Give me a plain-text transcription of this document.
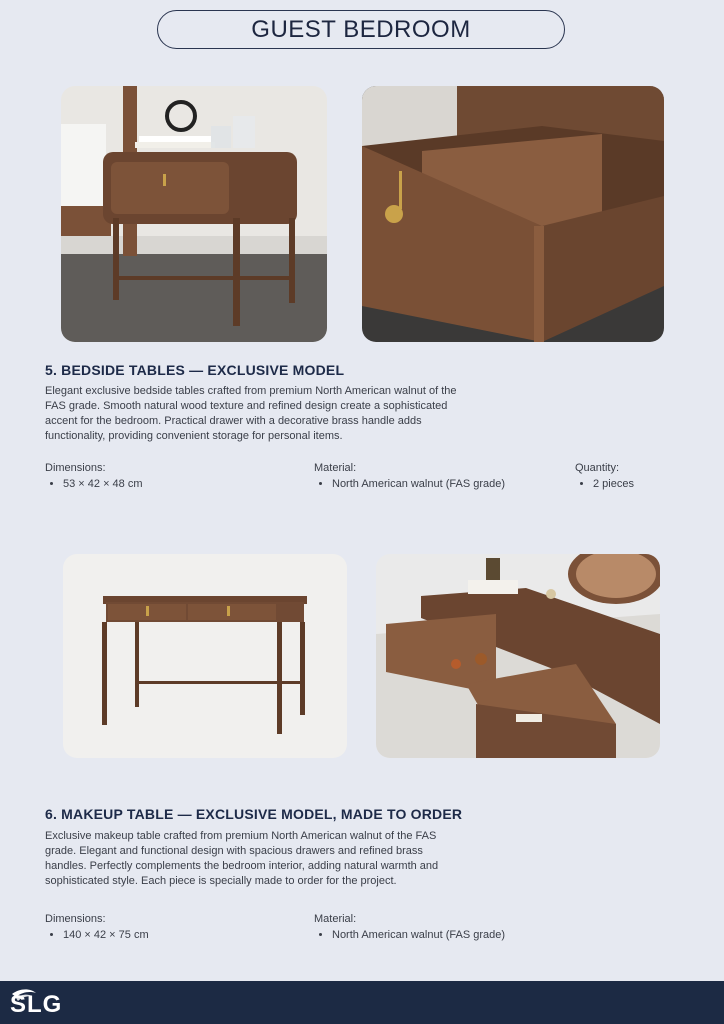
GUEST BEDROOM
5. BEDSIDE TABLES — EXCLUSIVE MODEL

Elegant exclusive bedside tables crafted from premium North American walnut of the FAS grade. Smooth natural wood texture and refined design create a sophisticated accent for the bedroom. Practical drawer with a decorative brass handle adds functionality, providing convenient storage for personal items.

Dimensions:
• 53 × 42 × 48 cm
Material:
• North American walnut (FAS grade)
Quantity:
• 2 pieces
6. MAKEUP TABLE — EXCLUSIVE MODEL, MADE TO ORDER

Exclusive makeup table crafted from premium North American walnut of the FAS grade. Elegant and functional design with spacious drawers and refined brass handles. Perfectly complements the bedroom interior, adding natural warmth and sophisticated style. Each piece is specially made to order for the project.

Dimensions:
• 140 × 42 × 75 cm
Material:
• North American walnut (FAS grade)
SLG
